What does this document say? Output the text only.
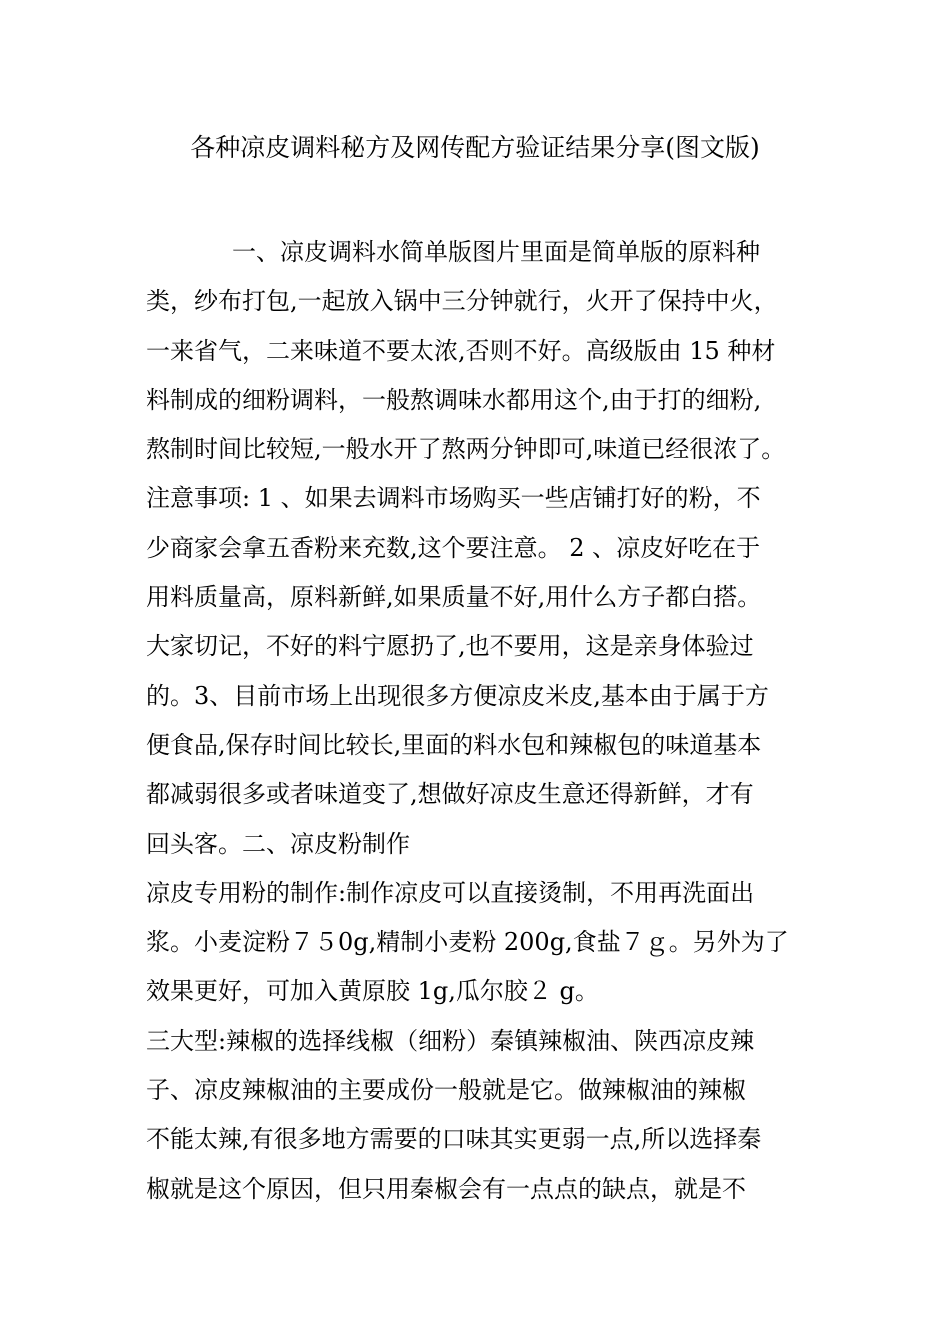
各种凉皮调料秘方及网传配方验证结果分享(图文版)
一、凉皮调料水简单版图片里面是简单版的原料种
类，纱布打包,一起放入锅中三分钟就行，火开了保持中火，
一来省气，二来味道不要太浓,否则不好。高级版由 15 种材
料制成的细粉调料，一般熬调味水都用这个,由于打的细粉,
熬制时间比较短,一般水开了熬两分钟即可,味道已经很浓了。
注意事项: 1 、如果去调料市场购买一些店铺打好的粉，不
少商家会拿五香粉来充数,这个要注意。 2 、凉皮好吃在于
用料质量高，原料新鲜,如果质量不好,用什么方子都白搭。
大家切记，不好的料宁愿扔了,也不要用，这是亲身体验过
的。3、目前市场上出现很多方便凉皮米皮,基本由于属于方
便食品,保存时间比较长,里面的料水包和辣椒包的味道基本
都减弱很多或者味道变了,想做好凉皮生意还得新鲜，才有
回头客。二、凉皮粉制作
凉皮专用粉的制作:制作凉皮可以直接烫制，不用再洗面出
浆。小麦淀粉７５0g,精制小麦粉 200g,食盐７ｇ。另外为了
效果更好，可加入黄原胶 1g,瓜尔胶２ g。
三大型:辣椒的选择线椒（细粉）秦镇辣椒油、陕西凉皮辣
子、凉皮辣椒油的主要成份一般就是它。做辣椒油的辣椒
不能太辣,有很多地方需要的口味其实更弱一点,所以选择秦
椒就是这个原因，但只用秦椒会有一点点的缺点，就是不
